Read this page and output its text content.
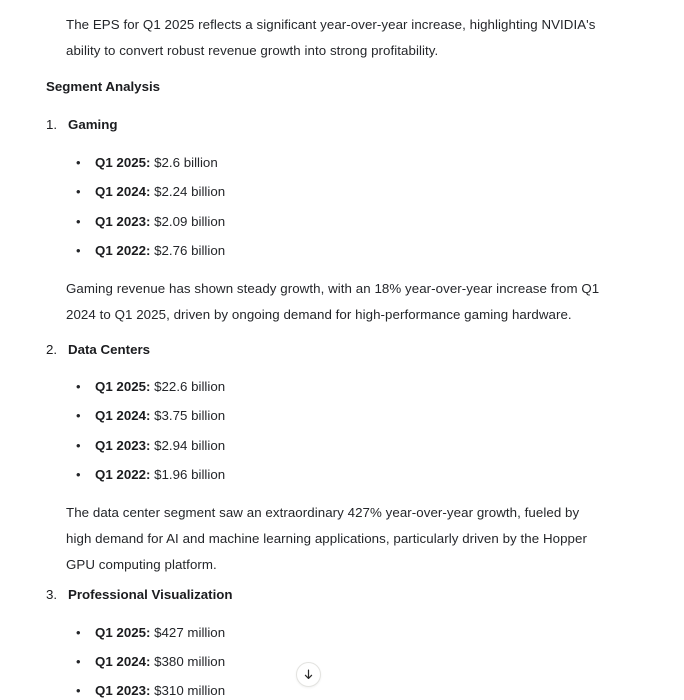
The EPS for Q1 2025 reflects a significant year-over-year increase, highlighting NVIDIA's ability to convert robust revenue growth into strong profitability.
Segment Analysis
1. Gaming
• Q1 2025: $2.6 billion
• Q1 2024: $2.24 billion
• Q1 2023: $2.09 billion
• Q1 2022: $2.76 billion
Gaming revenue has shown steady growth, with an 18% year-over-year increase from Q1 2024 to Q1 2025, driven by ongoing demand for high-performance gaming hardware.
2. Data Centers
• Q1 2025: $22.6 billion
• Q1 2024: $3.75 billion
• Q1 2023: $2.94 billion
• Q1 2022: $1.96 billion
The data center segment saw an extraordinary 427% year-over-year growth, fueled by high demand for AI and machine learning applications, particularly driven by the Hopper GPU computing platform.
3. Professional Visualization
• Q1 2025: $427 million
• Q1 2024: $380 million
• Q1 2023: $310 million
